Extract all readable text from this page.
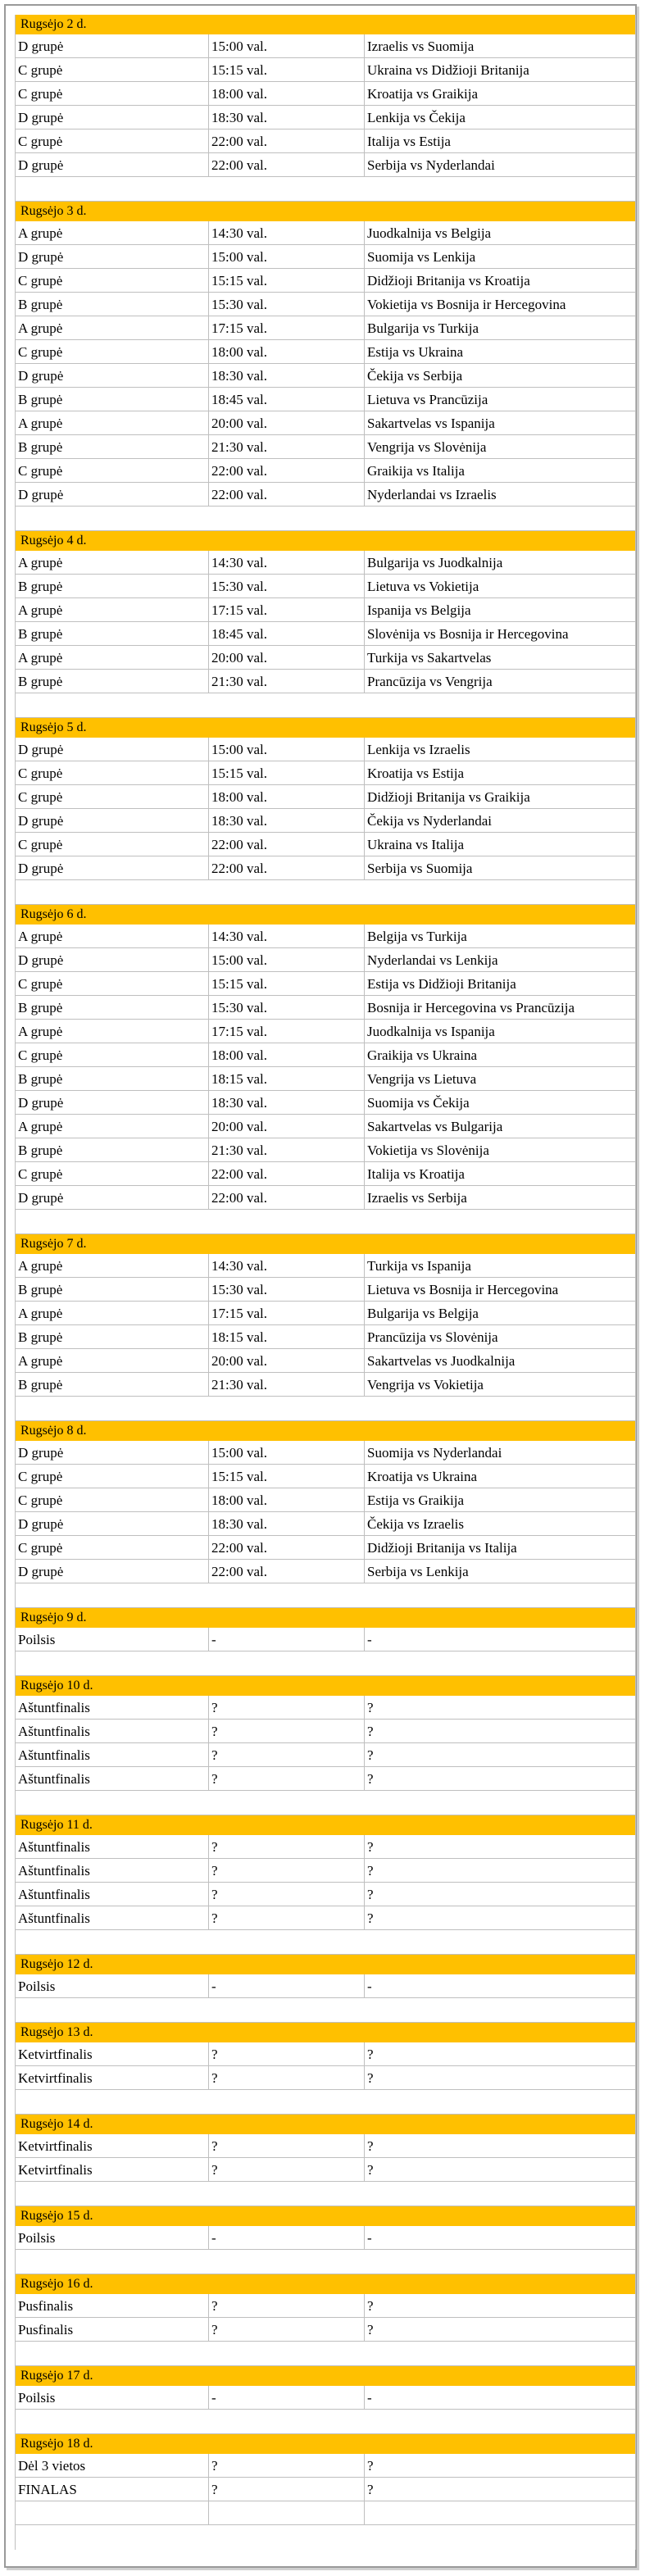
Rugsėjo 2 d.
D grupė	15:00 val.	Izraelis vs Suomija
C grupė	15:15 val.	Ukraina vs Didžioji Britanija
C grupė	18:00 val.	Kroatija vs Graikija
D grupė	18:30 val.	Lenkija vs Čekija
C grupė	22:00 val.	Italija vs Estija
D grupė	22:00 val.	Serbija vs Nyderlandai
Rugsėjo 3 d.
A grupė	14:30 val.	Juodkalnija vs Belgija
D grupė	15:00 val.	Suomija vs Lenkija
C grupė	15:15 val.	Didžioji Britanija vs Kroatija
B grupė	15:30 val.	Vokietija vs Bosnija ir Hercegovina
A grupė	17:15 val.	Bulgarija vs Turkija
C grupė	18:00 val.	Estija vs Ukraina
D grupė	18:30 val.	Čekija vs Serbija
B grupė	18:45 val.	Lietuva vs Prancūzija
A grupė	20:00 val.	Sakartvelas vs Ispanija
B grupė	21:30 val.	Vengrija vs Slovėnija
C grupė	22:00 val.	Graikija vs Italija
D grupė	22:00 val.	Nyderlandai vs Izraelis
Rugsėjo 4 d.
A grupė	14:30 val.	Bulgarija vs Juodkalnija
B grupė	15:30 val.	Lietuva vs Vokietija
A grupė	17:15 val.	Ispanija vs Belgija
B grupė	18:45 val.	Slovėnija vs Bosnija ir Hercegovina
A grupė	20:00 val.	Turkija vs Sakartvelas
B grupė	21:30 val.	Prancūzija vs Vengrija
Rugsėjo 5 d.
D grupė	15:00 val.	Lenkija vs Izraelis
C grupė	15:15 val.	Kroatija vs Estija
C grupė	18:00 val.	Didžioji Britanija vs Graikija
D grupė	18:30 val.	Čekija vs Nyderlandai
C grupė	22:00 val.	Ukraina vs Italija
D grupė	22:00 val.	Serbija vs Suomija
Rugsėjo 6 d.
A grupė	14:30 val.	Belgija vs Turkija
D grupė	15:00 val.	Nyderlandai vs Lenkija
C grupė	15:15 val.	Estija vs Didžioji Britanija
B grupė	15:30 val.	Bosnija ir Hercegovina vs Prancūzija
A grupė	17:15 val.	Juodkalnija vs Ispanija
C grupė	18:00 val.	Graikija vs Ukraina
B grupė	18:15 val.	Vengrija vs Lietuva
D grupė	18:30 val.	Suomija vs Čekija
A grupė	20:00 val.	Sakartvelas vs Bulgarija
B grupė	21:30 val.	Vokietija vs Slovėnija
C grupė	22:00 val.	Italija vs Kroatija
D grupė	22:00 val.	Izraelis vs Serbija
Rugsėjo 7 d.
A grupė	14:30 val.	Turkija vs Ispanija
B grupė	15:30 val.	Lietuva vs Bosnija ir Hercegovina
A grupė	17:15 val.	Bulgarija vs Belgija
B grupė	18:15 val.	Prancūzija vs Slovėnija
A grupė	20:00 val.	Sakartvelas vs Juodkalnija
B grupė	21:30 val.	Vengrija vs Vokietija
Rugsėjo 8 d.
D grupė	15:00 val.	Suomija vs Nyderlandai
C grupė	15:15 val.	Kroatija vs Ukraina
C grupė	18:00 val.	Estija vs Graikija
D grupė	18:30 val.	Čekija vs Izraelis
C grupė	22:00 val.	Didžioji Britanija vs Italija
D grupė	22:00 val.	Serbija vs Lenkija
Rugsėjo 9 d.
Poilsis	-	-
Rugsėjo 10 d.
Aštuntfinalis	?	?
Aštuntfinalis	?	?
Aštuntfinalis	?	?
Aštuntfinalis	?	?
Rugsėjo 11 d.
Aštuntfinalis	?	?
Aštuntfinalis	?	?
Aštuntfinalis	?	?
Aštuntfinalis	?	?
Rugsėjo 12 d.
Poilsis	-	-
Rugsėjo 13 d.
Ketvirtfinalis	?	?
Ketvirtfinalis	?	?
Rugsėjo 14 d.
Ketvirtfinalis	?	?
Ketvirtfinalis	?	?
Rugsėjo 15 d.
Poilsis	-	-
Rugsėjo 16 d.
Pusfinalis	?	?
Pusfinalis	?	?
Rugsėjo 17 d.
Poilsis	-	-
Rugsėjo 18 d.
Dėl 3 vietos	?	?
FINALAS	?	?
